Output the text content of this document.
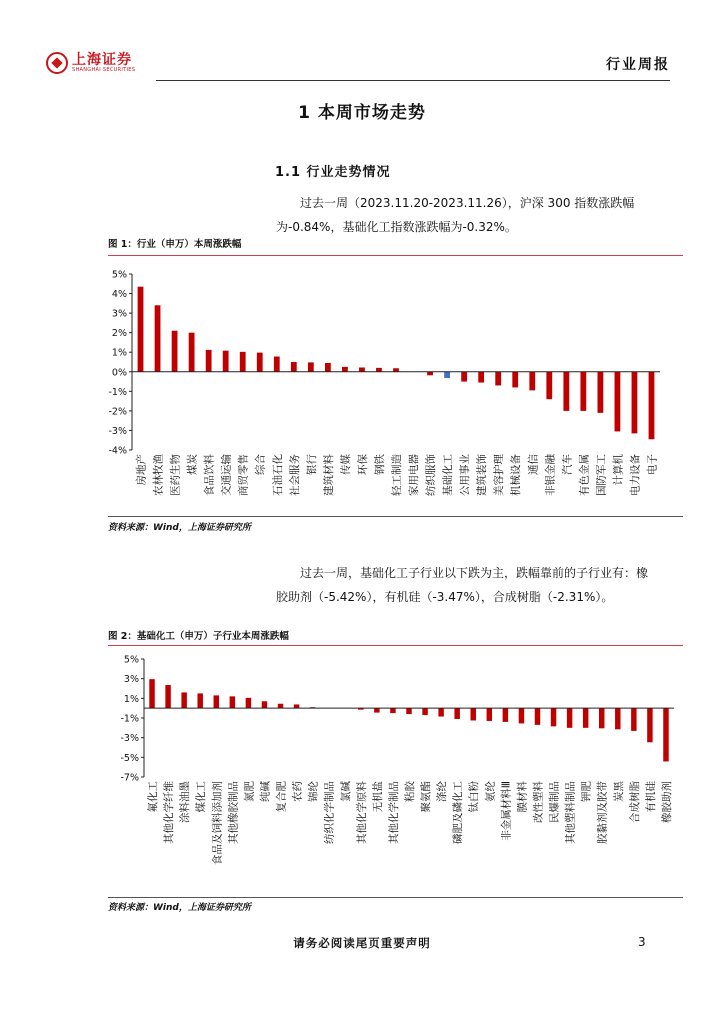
上海证券
SHANGHAI SECURITIES	行业周报
1 本周市场走势
1.1 行业走势情况
过去一周（2023.11.20-2023.11.26），沪深 300 指数涨跌幅为-0.84%，基础化工指数涨跌幅为-0.32%。
图 1：行业（申万）本周涨跌幅
5%
4%
3%
2%
1%
0%
-1%
-2%
-3%
-4%
房地产 农林牧渔 医药生物 煤炭 食品饮料 交通运输 商贸零售 综合 石油石化 社会服务 银行 建筑材料 传媒 环保 钢铁 轻工制造 家用电器 纺织服饰 基础化工 公用事业 建筑装饰 美容护理 机械设备 通信 非银金融 汽车 有色金属 国防军工 计算机 电力设备 电子
资料来源：Wind，上海证券研究所
过去一周，基础化工子行业以下跌为主，跌幅靠前的子行业有：橡胶助剂（-5.42%），有机硅（-3.47%），合成树脂（-2.31%）。
图 2：基础化工（申万）子行业本周涨跌幅
5%
3%
1%
-1%
-3%
-5%
-7%
氟化工 其他化学纤维 涂料油墨 煤化工 食品及饲料添加剂 其他橡胶制品 氮肥 纯碱 复合肥 农药 锦纶 纺织化学制品 氯碱 其他化学原料 无机盐 其他化学制品 粘胶 聚氨酯 涤纶 磷肥及磷化工 钛白粉 氨纶 非金属材料Ⅲ 膜材料 改性塑料 民爆制品 其他塑料制品 钾肥 胶黏剂及胶带 炭黑 合成树脂 有机硅 橡胶助剂
资料来源：Wind，上海证券研究所
请务必阅读尾页重要声明	3
